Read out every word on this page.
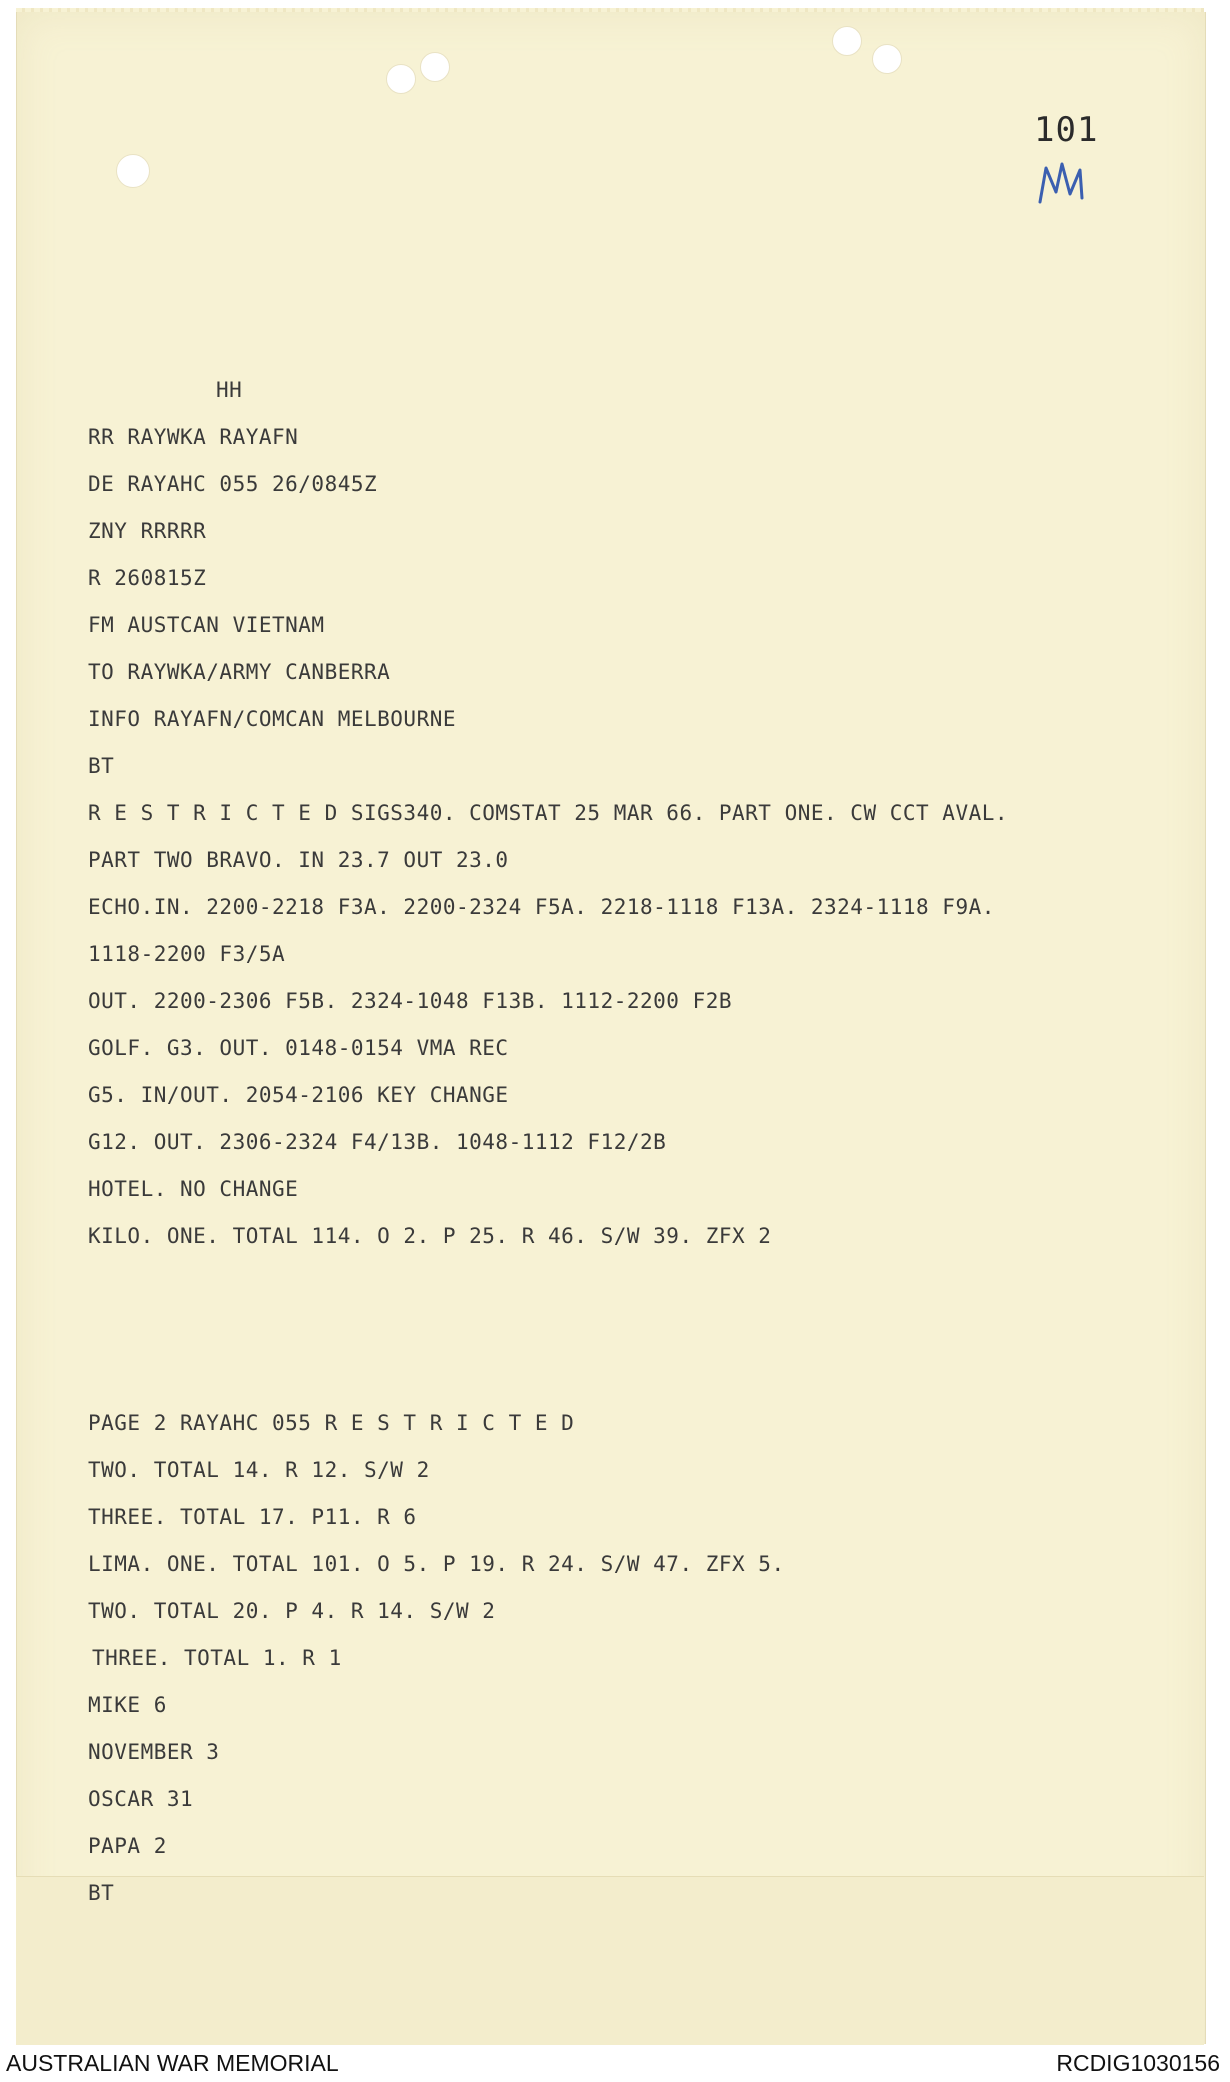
101
HH
RR RAYWKA RAYAFN
DE RAYAHC 055 26/0845Z
ZNY RRRRR
R 260815Z
FM AUSTCAN VIETNAM
TO RAYWKA/ARMY CANBERRA
INFO RAYAFN/COMCAN MELBOURNE
BT
R E S T R I C T E D SIGS340. COMSTAT 25 MAR 66. PART ONE. CW CCT AVAL.
PART TWO BRAVO. IN 23.7 OUT 23.0
ECHO.IN. 2200-2218 F3A. 2200-2324 F5A. 2218-1118 F13A. 2324-1118 F9A.
1118-2200 F3/5A
OUT. 2200-2306 F5B. 2324-1048 F13B. 1112-2200 F2B
GOLF. G3. OUT. 0148-0154 VMA REC
G5. IN/OUT. 2054-2106 KEY CHANGE
G12. OUT. 2306-2324 F4/13B. 1048-1112 F12/2B
HOTEL. NO CHANGE
KILO. ONE. TOTAL 114. O 2. P 25. R 46. S/W 39. ZFX 2
PAGE 2 RAYAHC 055 R E S T R I C T E D
TWO. TOTAL 14. R 12. S/W 2
THREE. TOTAL 17. P11. R 6
LIMA. ONE. TOTAL 101. O 5. P 19. R 24. S/W 47. ZFX 5.
TWO. TOTAL 20. P 4. R 14. S/W 2
THREE. TOTAL 1. R 1
MIKE 6
NOVEMBER 3
OSCAR 31
PAPA 2
BT
AUSTRALIAN WAR MEMORIAL	RCDIG1030156
